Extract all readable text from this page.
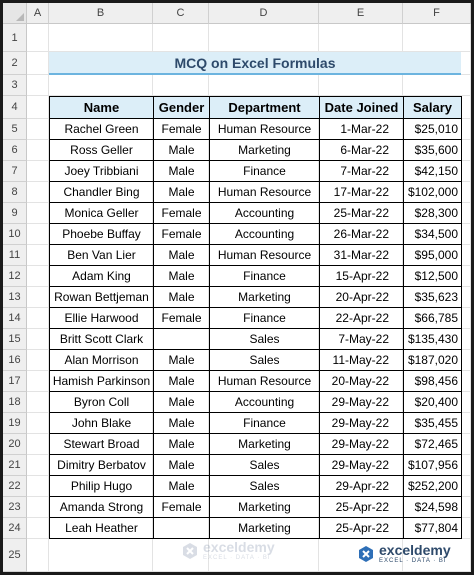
A	B	C	D	E	F
1
2
3
4
5
6
7
8
9
10
11
12
13
14
15
16
17
18
19
20
21
22
23
24
25
MCQ on Excel Formulas
Name	Gender	Department	Date Joined	Salary
Rachel Green	Female	Human Resource	1-Mar-22	$25,010
Ross Geller	Male	Marketing	6-Mar-22	$35,600
Joey Tribbiani	Male	Finance	7-Mar-22	$42,150
Chandler Bing	Male	Human Resource	17-Mar-22	$102,000
Monica Geller	Female	Accounting	25-Mar-22	$28,300
Phoebe Buffay	Female	Accounting	26-Mar-22	$34,500
Ben Van Lier	Male	Human Resource	31-Mar-22	$95,000
Adam King	Male	Finance	15-Apr-22	$12,500
Rowan Bettjeman	Male	Marketing	20-Apr-22	$35,623
Ellie Harwood	Female	Finance	22-Apr-22	$66,785
Britt Scott Clark		Sales	7-May-22	$135,430
Alan Morrison	Male	Sales	11-May-22	$187,020
Hamish Parkinson	Male	Human Resource	20-May-22	$98,456
Byron Coll	Male	Accounting	29-May-22	$20,400
John Blake	Male	Finance	29-May-22	$35,455
Stewart Broad	Male	Marketing	29-May-22	$72,465
Dimitry Berbatov	Male	Sales	29-May-22	$107,956
Philip Hugo	Male	Sales	29-Apr-22	$252,200
Amanda Strong	Female	Marketing	25-Apr-22	$24,598
Leah Heather		Marketing	25-Apr-22	$77,804
exceldemy
EXCEL · DATA · BI	exceldemy
EXCEL · DATA · BI
